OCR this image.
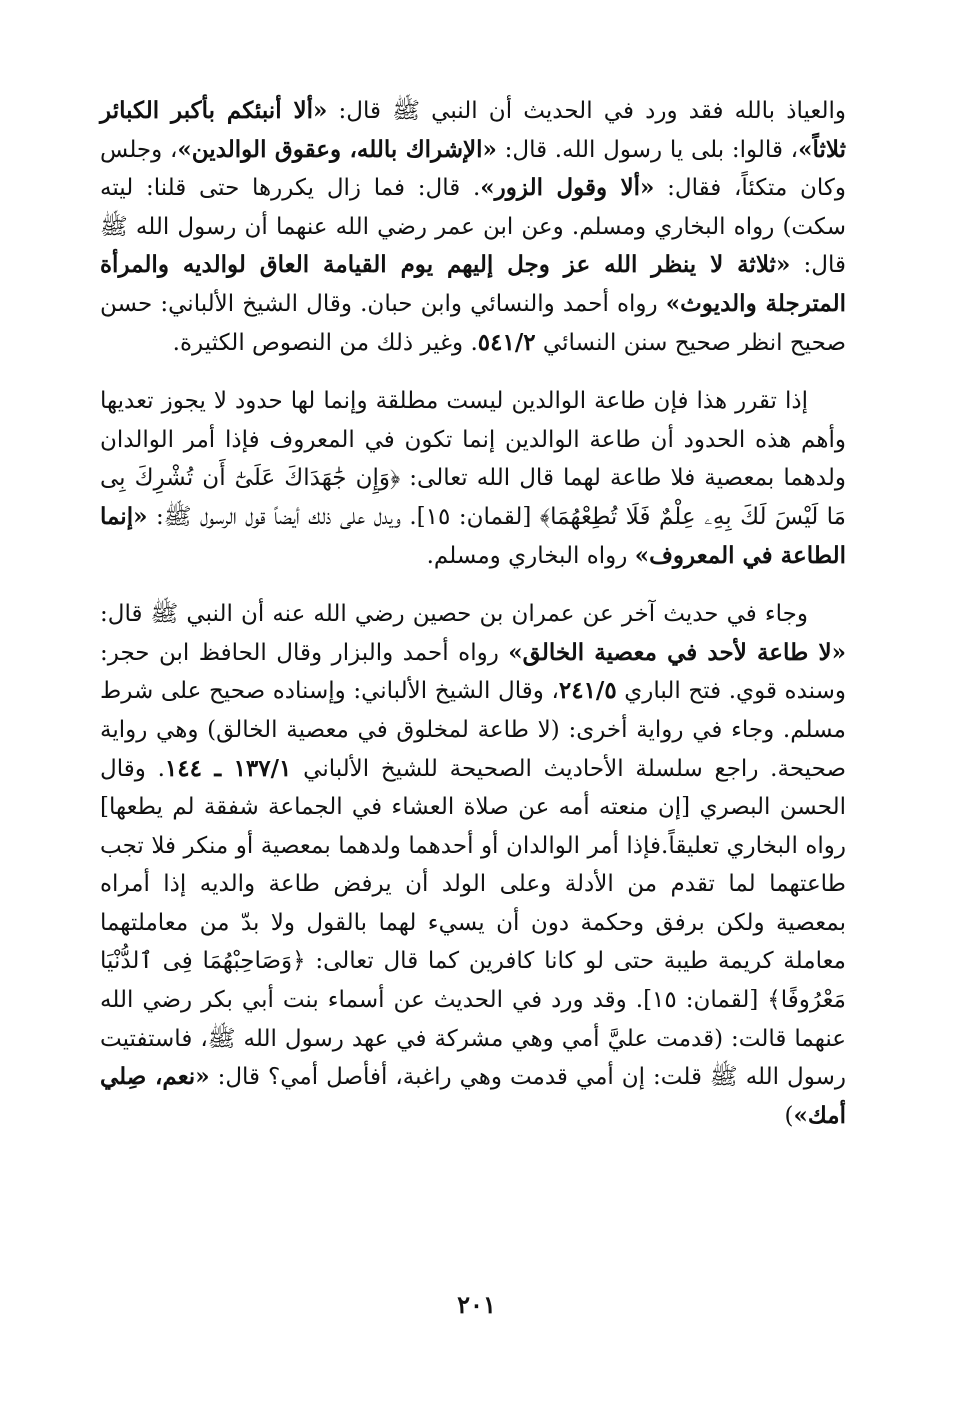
والعياذ بالله فقد ورد في الحديث أن النبي ﷺ قال: «ألا أنبئكم بأكبر الكبائر ثلاثاً»، قالوا: بلى يا رسول الله. قال: «الإشراك بالله، وعقوق الوالدين»، وجلس وكان متكئاً، فقال: «ألا وقول الزور». قال: فما زال يكررها حتى قلنا: ليته سكت) رواه البخاري ومسلم. وعن ابن عمر رضي الله عنهما أن رسول الله ﷺ قال: «ثلاثة لا ينظر الله عز وجل إليهم يوم القيامة العاق لوالديه والمرأة المترجلة والديوث» رواه أحمد والنسائي وابن حبان. وقال الشيخ الألباني: حسن صحيح انظر صحيح سنن النسائي ٥٤١/٢. وغير ذلك من النصوص الكثيرة.

إذا تقرر هذا فإن طاعة الوالدين ليست مطلقة وإنما لها حدود لا يجوز تعديها وأهم هذه الحدود أن طاعة الوالدين إنما تكون في المعروف فإذا أمر الوالدان ولدهما بمعصية فلا طاعة لهما قال الله تعالى: ﴿وَإِن جَٰهَدَاكَ عَلَىٰٓ أَن تُشْرِكَ بِى مَا لَيْسَ لَكَ بِهِۦ عِلْمٌ فَلَا تُطِعْهُمَا﴾ [لقمان: ١٥]. ويدل على ذلك أيضاً قول الرسول ﷺ: «إنما الطاعة في المعروف» رواه البخاري ومسلم.

وجاء في حديث آخر عن عمران بن حصين رضي الله عنه أن النبي ﷺ قال: «لا طاعة لأحد في معصية الخالق» رواه أحمد والبزار وقال الحافظ ابن حجر: وسنده قوي. فتح الباري ٢٤١/٥، وقال الشيخ الألباني: وإسناده صحيح على شرط مسلم. وجاء في رواية أخرى: (لا طاعة لمخلوق في معصية الخالق) وهي رواية صحيحة. راجع سلسلة الأحاديث الصحيحة للشيخ الألباني ١٣٧/١ ـ ١٤٤. وقال الحسن البصري [إن منعته أمه عن صلاة العشاء في الجماعة شفقة لم يطعها] رواه البخاري تعليقاً.فإذا أمر الوالدان أو أحدهما ولدهما بمعصية أو منكر فلا تجب طاعتهما لما تقدم من الأدلة وعلى الولد أن يرفض طاعة والديه إذا أمراه بمعصية ولكن برفق وحكمة دون أن يسيء لهما بالقول ولا بدّ من معاملتهما معاملة كريمة طيبة حتى لو كانا كافرين كما قال تعالى: ﴿وَصَاحِبْهُمَا فِى ٱلدُّنْيَا مَعْرُوفًا﴾ [لقمان: ١٥]. وقد ورد في الحديث عن أسماء بنت أبي بكر رضي الله عنهما قالت: (قدمت عليَّ أمي وهي مشركة في عهد رسول الله ﷺ، فاستفتيت رسول الله ﷺ قلت: إن أمي قدمت وهي راغبة، أفأصل أمي؟ قال: «نعم، صِلي أمك»)

٢٠١
